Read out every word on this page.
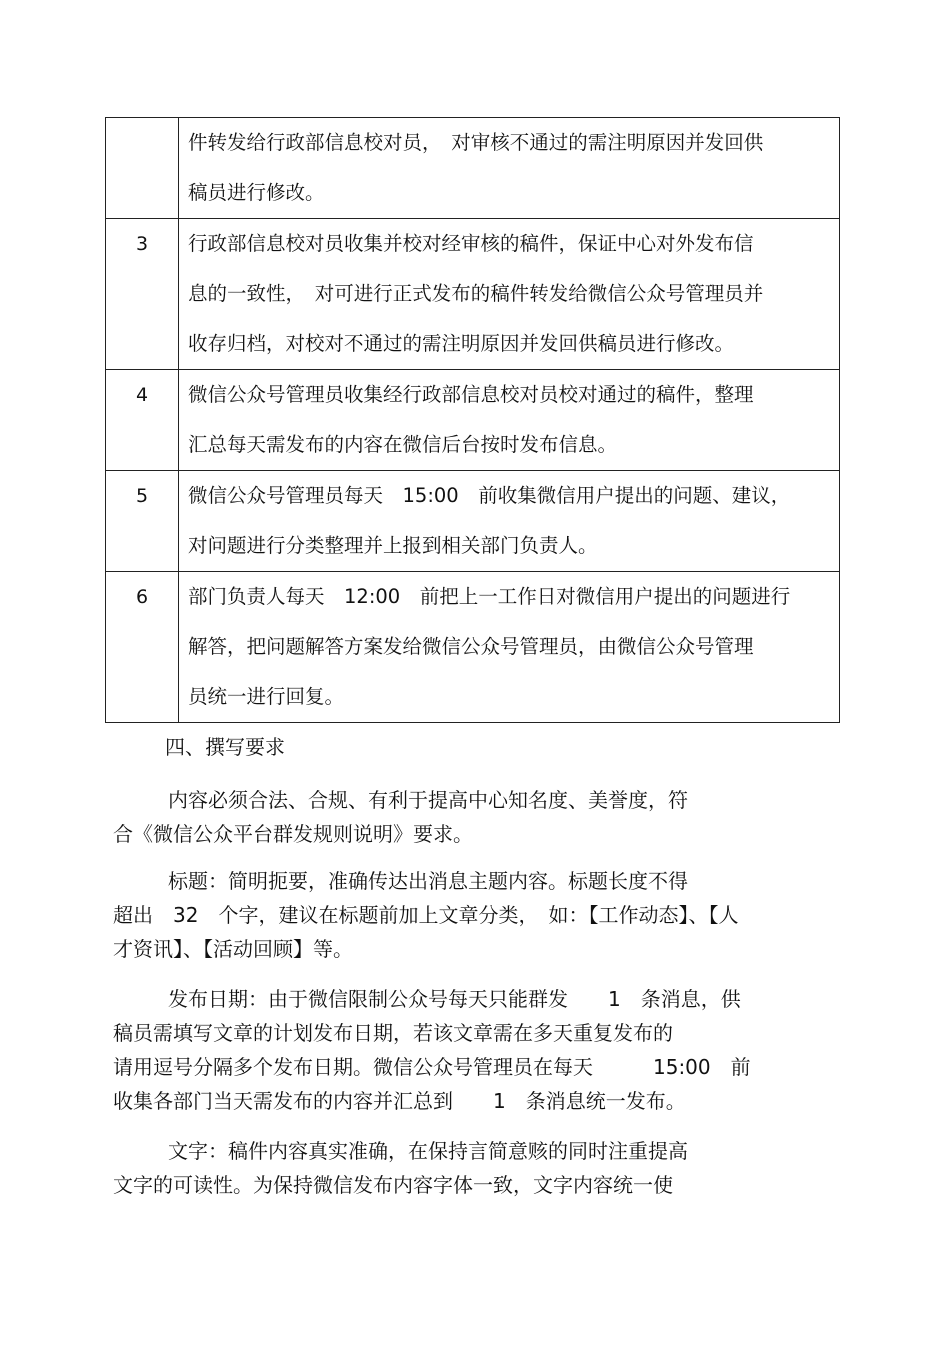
	件转发给行政部信息校对员，　对审核不通过的需注明原因并发回供
稿员进行修改。

3	行政部信息校对员收集并校对经审核的稿件，保证中心对外发布信
息的一致性，　对可进行正式发布的稿件转发给微信公众号管理员并
收存归档，对校对不通过的需注明原因并发回供稿员进行修改。

4	微信公众号管理员收集经行政部信息校对员校对通过的稿件，整理
汇总每天需发布的内容在微信后台按时发布信息。

5	微信公众号管理员每天　15:00　前收集微信用户提出的问题、建议，
对问题进行分类整理并上报到相关部门负责人。

6	部门负责人每天　12:00　前把上一工作日对微信用户提出的问题进行
解答，把问题解答方案发给微信公众号管理员，由微信公众号管理
员统一进行回复。
四、撰写要求
内容必须合法、合规、有利于提高中心知名度、美誉度，符
合《微信公众平台群发规则说明》要求。
标题：简明扼要，准确传达出消息主题内容。标题长度不得
超出　32　个字，建议在标题前加上文章分类，　如：【工作动态】、【人
才资讯】、【活动回顾】等。
发布日期：由于微信限制公众号每天只能群发　　1　条消息，供
稿员需填写文章的计划发布日期，若该文章需在多天重复发布的
请用逗号分隔多个发布日期。微信公众号管理员在每天　　　15:00　前
收集各部门当天需发布的内容并汇总到　　1　条消息统一发布。
文字：稿件内容真实准确，在保持言简意赅的同时注重提高
文字的可读性。为保持微信发布内容字体一致，文字内容统一使
